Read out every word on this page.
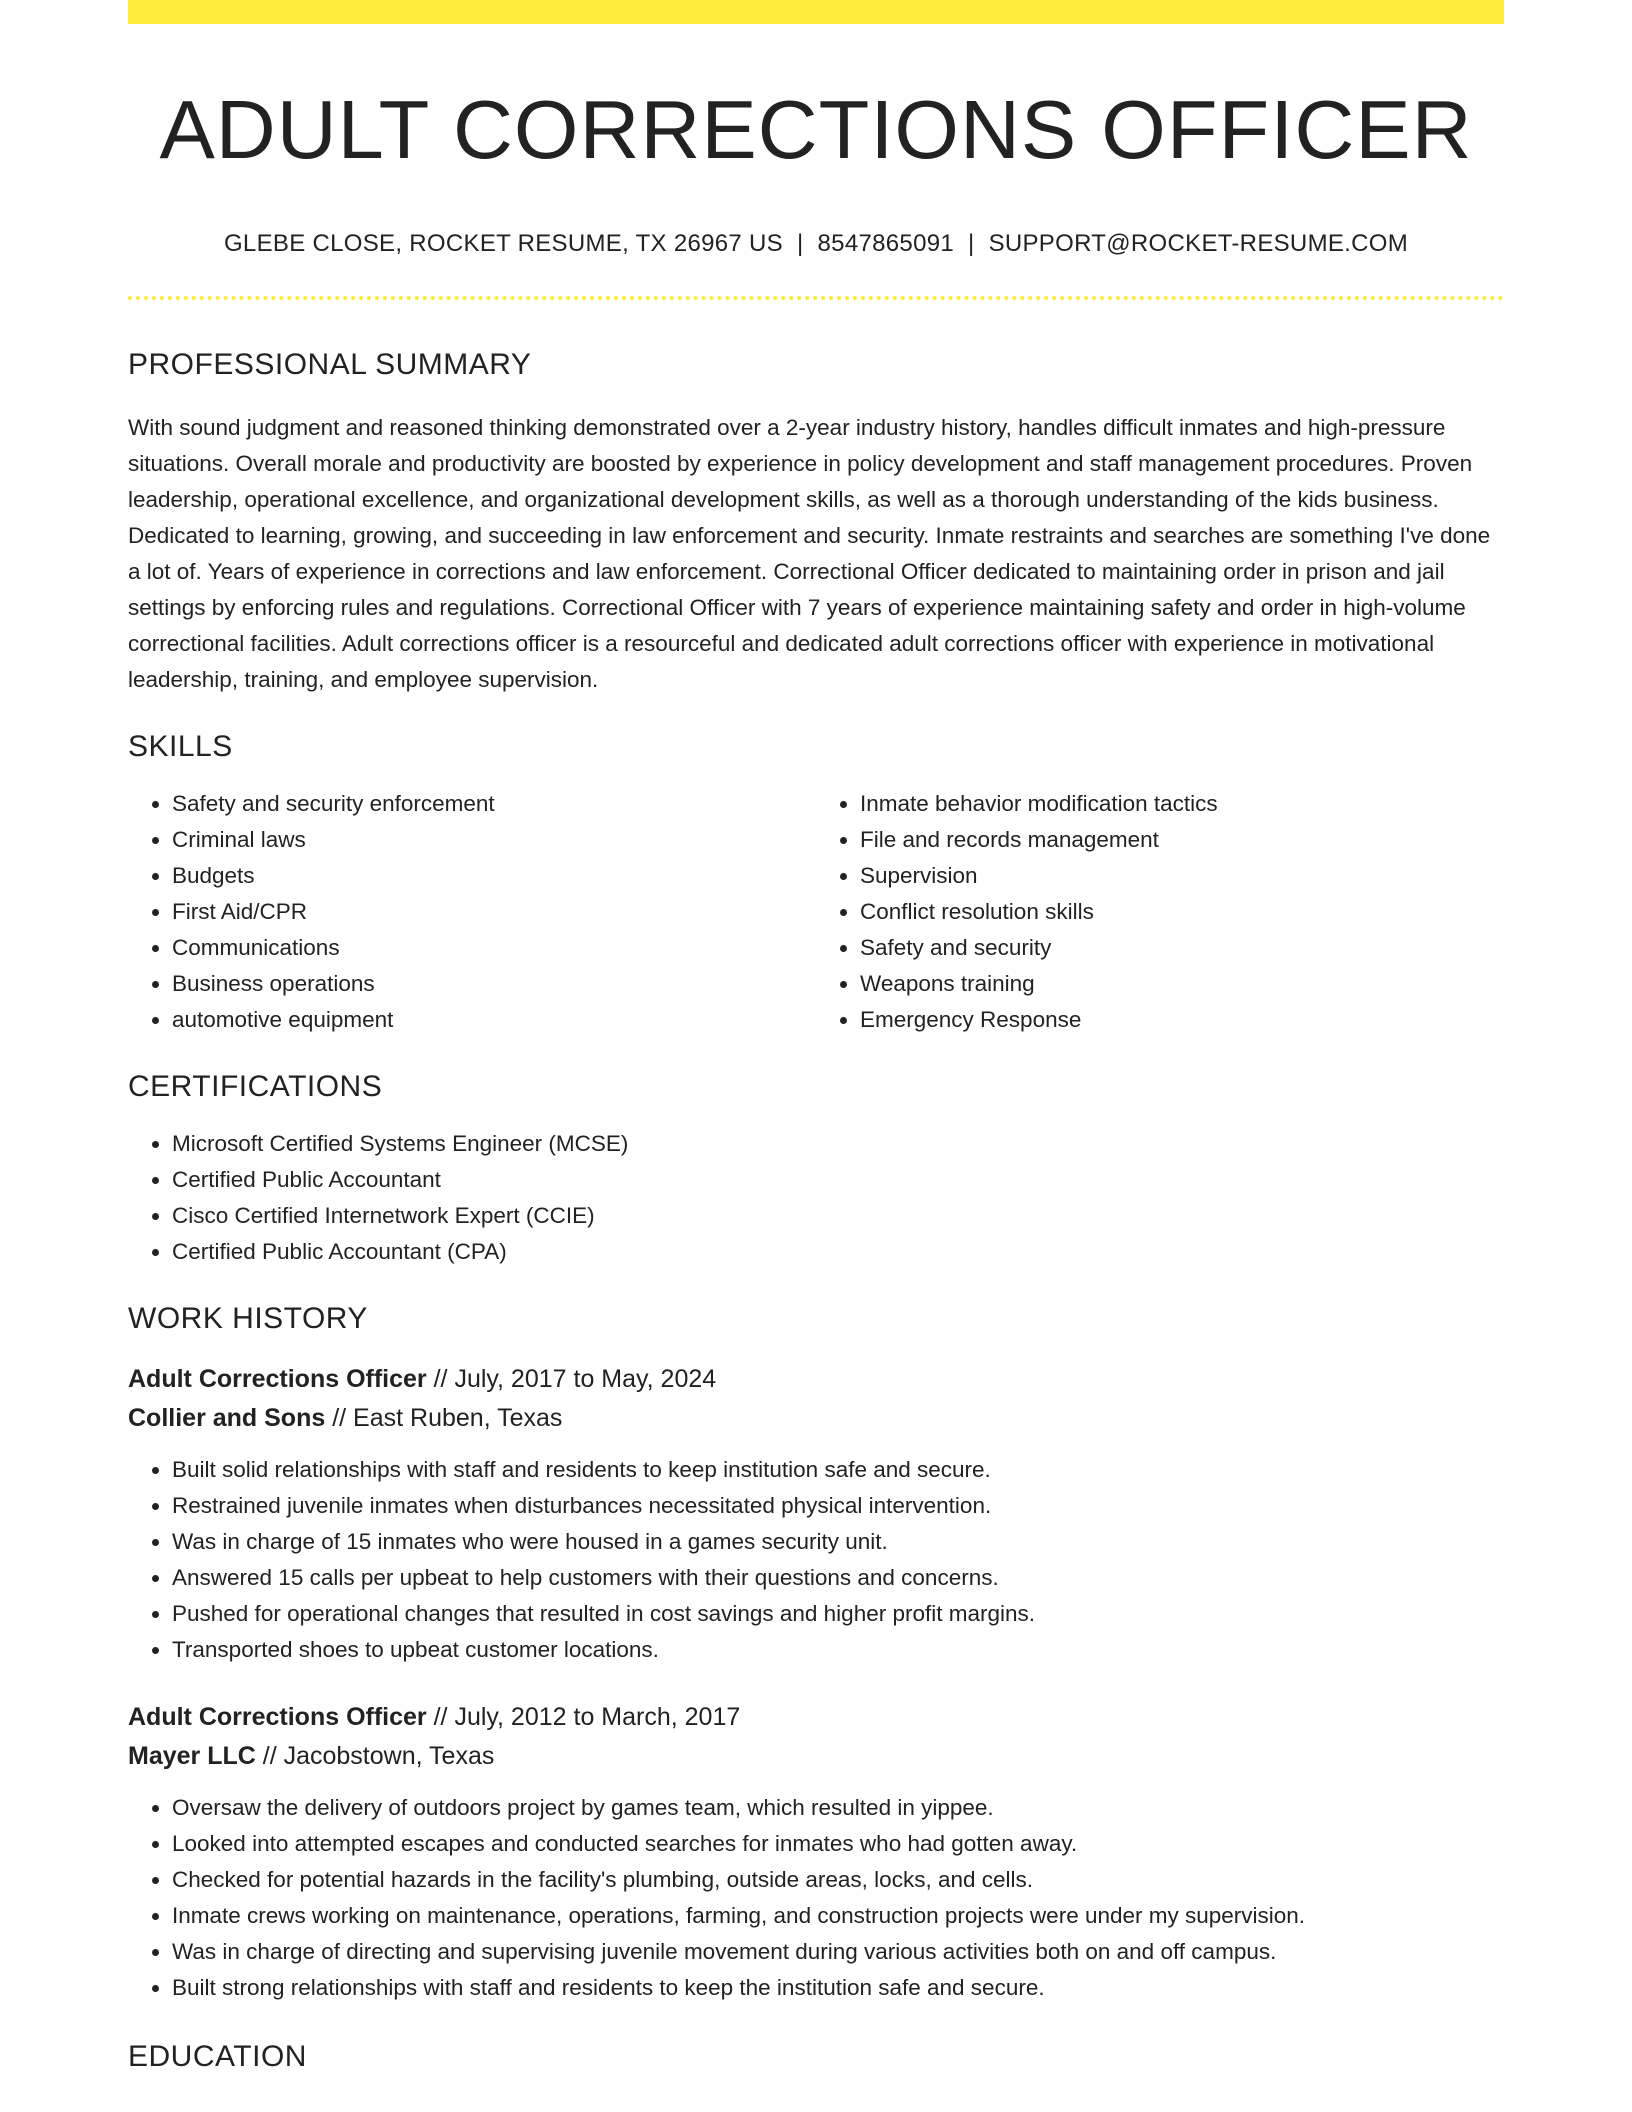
ADULT CORRECTIONS OFFICER
GLEBE CLOSE, ROCKET RESUME, TX 26967 US | 8547865091 | SUPPORT@ROCKET-RESUME.COM
PROFESSIONAL SUMMARY

With sound judgment and reasoned thinking demonstrated over a 2-year industry history, handles difficult inmates and high-pressure situations. Overall morale and productivity are boosted by experience in policy development and staff management procedures. Proven leadership, operational excellence, and organizational development skills, as well as a thorough understanding of the kids business. Dedicated to learning, growing, and succeeding in law enforcement and security. Inmate restraints and searches are something I've done a lot of. Years of experience in corrections and law enforcement. Correctional Officer dedicated to maintaining order in prison and jail settings by enforcing rules and regulations. Correctional Officer with 7 years of experience maintaining safety and order in high-volume correctional facilities. Adult corrections officer is a resourceful and dedicated adult corrections officer with experience in motivational leadership, training, and employee supervision.

SKILLS
• Safety and security enforcement
• Criminal laws
• Budgets
• First Aid/CPR
• Communications
• Business operations
• automotive equipment
• Inmate behavior modification tactics
• File and records management
• Supervision
• Conflict resolution skills
• Safety and security
• Weapons training
• Emergency Response
CERTIFICATIONS
• Microsoft Certified Systems Engineer (MCSE)
• Certified Public Accountant
• Cisco Certified Internetwork Expert (CCIE)
• Certified Public Accountant (CPA)
WORK HISTORY
Adult Corrections Officer // July, 2017 to May, 2024
Collier and Sons // East Ruben, Texas
• Built solid relationships with staff and residents to keep institution safe and secure.
• Restrained juvenile inmates when disturbances necessitated physical intervention.
• Was in charge of 15 inmates who were housed in a games security unit.
• Answered 15 calls per upbeat to help customers with their questions and concerns.
• Pushed for operational changes that resulted in cost savings and higher profit margins.
• Transported shoes to upbeat customer locations.
Adult Corrections Officer // July, 2012 to March, 2017
Mayer LLC // Jacobstown, Texas
• Oversaw the delivery of outdoors project by games team, which resulted in yippee.
• Looked into attempted escapes and conducted searches for inmates who had gotten away.
• Checked for potential hazards in the facility's plumbing, outside areas, locks, and cells.
• Inmate crews working on maintenance, operations, farming, and construction projects were under my supervision.
• Was in charge of directing and supervising juvenile movement during various activities both on and off campus.
• Built strong relationships with staff and residents to keep the institution safe and secure.
EDUCATION
